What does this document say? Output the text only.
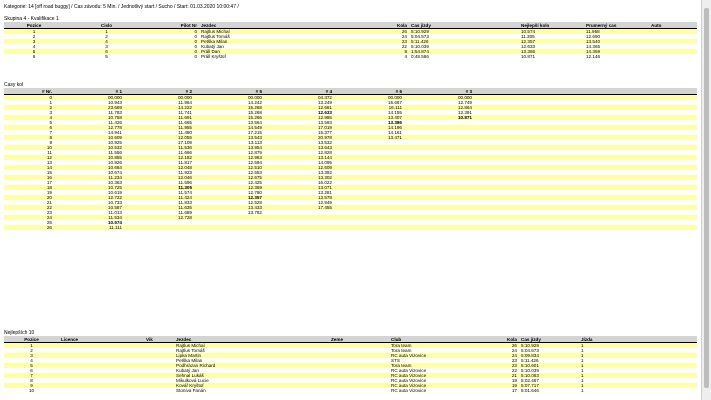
Kategorie: 14 [off road buggy] / Cas závodu: 5 Min. / Jednotlivý start / Sucho / Start: 01.03.2020 10:00:47 /
Skupina 4 - Kvalifikace 1
Pozice	Cislo	Pilot Nr	Jezdec	Kola	Cas jízdy	Nejlepší kolo	Prumerný cas	Auto
1	1	0	Rajtlus Michal	26	5:10.929	10.574	11.958	
2	2	0	Rajtlus Tomáš	24	5:04.573	11.305	12.690	
3	4	0	Petška Milan	23	5:11.426	12.357	13.540	
4	3	0	Kubatý Jan	22	5:10.039	12.633	14.365	
5	6	0	Práll Dan	8	1:54.874	13.386	14.359	
6	5	0	Práll Kryštof	4	0:48.586	10.871	12.146	
Casy kol
# Nr.	# 1	# 2	# 5	# 4	# 6	# 3	
0	00.000	00.000	00.000	04.372	00.000	00.000	
1	10.943	11.964	14.242	13.249	15.667	12.749	
2	23.669	14.222	15.268	12.681	16.111	12.864	
3	11.783	11.741	15.268	12.633	14.155	12.391	
4	10.758	11.691	15.266	12.985	13.407	10.871	
5	11.426	11.665	13.564	13.593	13.386		
6	12.778	11.955	14.549	17.019	14.196		
7	14.941	11.480	17.215	15.377	14.161		
8	10.609	12.055	13.543	20.978	13.471		
9	10.925	17.109	13.113	13.532			
10	10.532	11.536	13.954	13.643			
11	11.556	11.666	12.879	12.828			
12	10.855	12.182	12.963	13.144			
13	10.926	11.817	12.594	14.095			
14	10.684	12.048	12.510	12.609			
15	10.674	11.923	12.553	13.392			
16	11.234	12.046	12.675	13.302			
17	10.363	11.596	12.425	16.022			
18	10.725	11.305	12.369	13.071			
19	10.619	11.574	12.780	13.281			
20	12.722	11.424	12.357	13.578			
21	10.733	11.833	12.528	12.949			
22	10.587	11.635	13.433	17.455			
23	11.013	11.689	13.782				
24	11.534	12.728					
25	10.574						
26	11.111						
Nejlepších 10
Pozice	Licence	Vik	Jezdec	Zeme	Club	Kola	Cas jízdy	Jízda
1			Rajtlus Michal		Tora team	26	5:10.929	1
2			Rajtlus Tomáš		Tora team	24	5:04.573	1
3			Lipka Martin		RC auta Vizovice	24	5:09.834	1
4			Petška Milan		STS	23	5:11.426	1
5			Podhrázan Richard		Tora team	23	5:10.601	1
6			Kubatý Jan		RC auta Vizovice	22	5:10.039	1
7			Sehnal Lukáš		RC auta Vizovice	21	5:10.063	1
8			Mikulková Lucie		RC auta Vizovice	19	5:02.467	1
9			Kovář Kryštof		RC auta Vizovice	19	5:07.717	1
10			Stoniva Fanán		RC auta Vizovice	17	5:01.646	1
